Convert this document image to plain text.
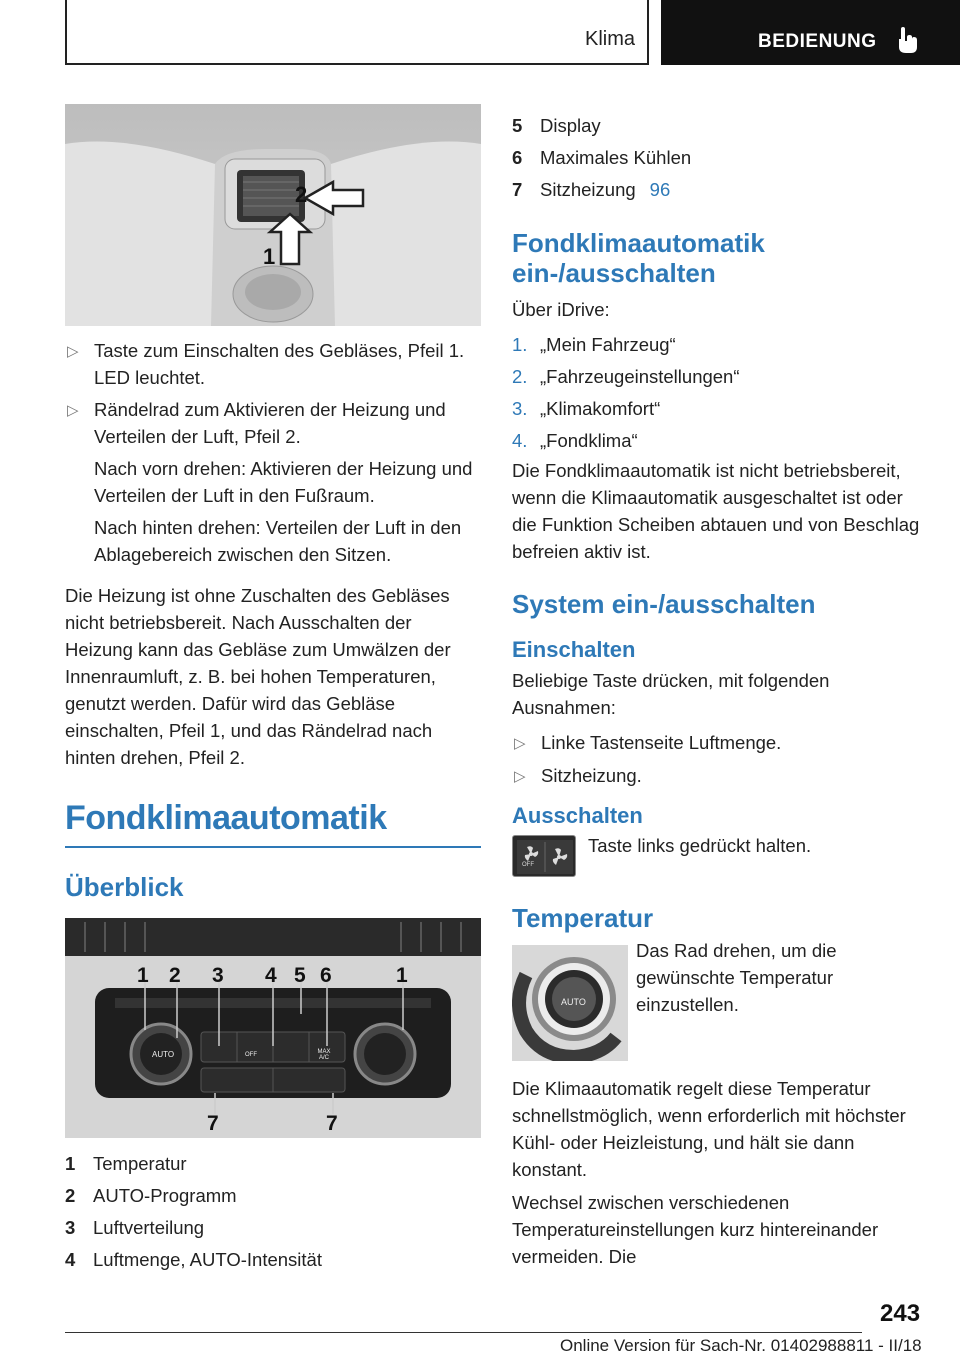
Klima	BEDIENUNG
1
2
▷ Taste zum Einschalten des Gebläses, Pfeil 1. LED leuchtet.
▷ Rändelrad zum Aktivieren der Heizung und Verteilen der Luft, Pfeil 2.
Nach vorn drehen: Aktivieren der Heizung und Verteilen der Luft in den Fußraum.
Nach hinten drehen: Verteilen der Luft in den Ablagebereich zwischen den Sitzen.

Die Heizung ist ohne Zuschalten des Gebläses nicht betriebsbereit. Nach Ausschalten der Heizung kann das Gebläse zum Umwälzen der Innenraumluft, z. B. bei hohen Temperaturen, genutzt werden. Dafür wird das Gebläse einschalten, Pfeil 1, und das Rändelrad nach hinten drehen, Pfeil 2.

Fondklimaautomatik
Überblick
AUTO	OFF	MAX A/C
1 2 3 4 5 6	1
7	7
1 Temperatur
2 AUTO-Programm
3 Luftverteilung
4 Luftmenge, AUTO-Intensität
5 Display
6 Maximales Kühlen
7 Sitzheizung 96
Fondklimaautomatik ein-/ausschalten

Über iDrive:

1. „Mein Fahrzeug“
2. „Fahrzeugeinstellungen“
3. „Klimakomfort“
4. „Fondklima“

Die Fondklimaautomatik ist nicht betriebsbereit, wenn die Klimaautomatik ausgeschaltet ist oder die Funktion Scheiben abtauen und von Beschlag befreien aktiv ist.

System ein-/ausschalten
Einschalten

Beliebige Taste drücken, mit folgenden Ausnahmen:

▷ Linke Tastenseite Luftmenge.
▷ Sitzheizung.
Ausschalten
OFF
Taste links gedrückt halten.
Temperatur
AUTO

Das Rad drehen, um die gewünschte Temperatur einzustellen.

Die Klimaautomatik regelt diese Temperatur schnellstmöglich, wenn erforderlich mit höchster Kühl- oder Heizleistung, und hält sie dann konstant.

Wechsel zwischen verschiedenen Temperatureinstellungen kurz hintereinander vermeiden. Die

243
Online Version für Sach-Nr. 01402988811 - II/18
